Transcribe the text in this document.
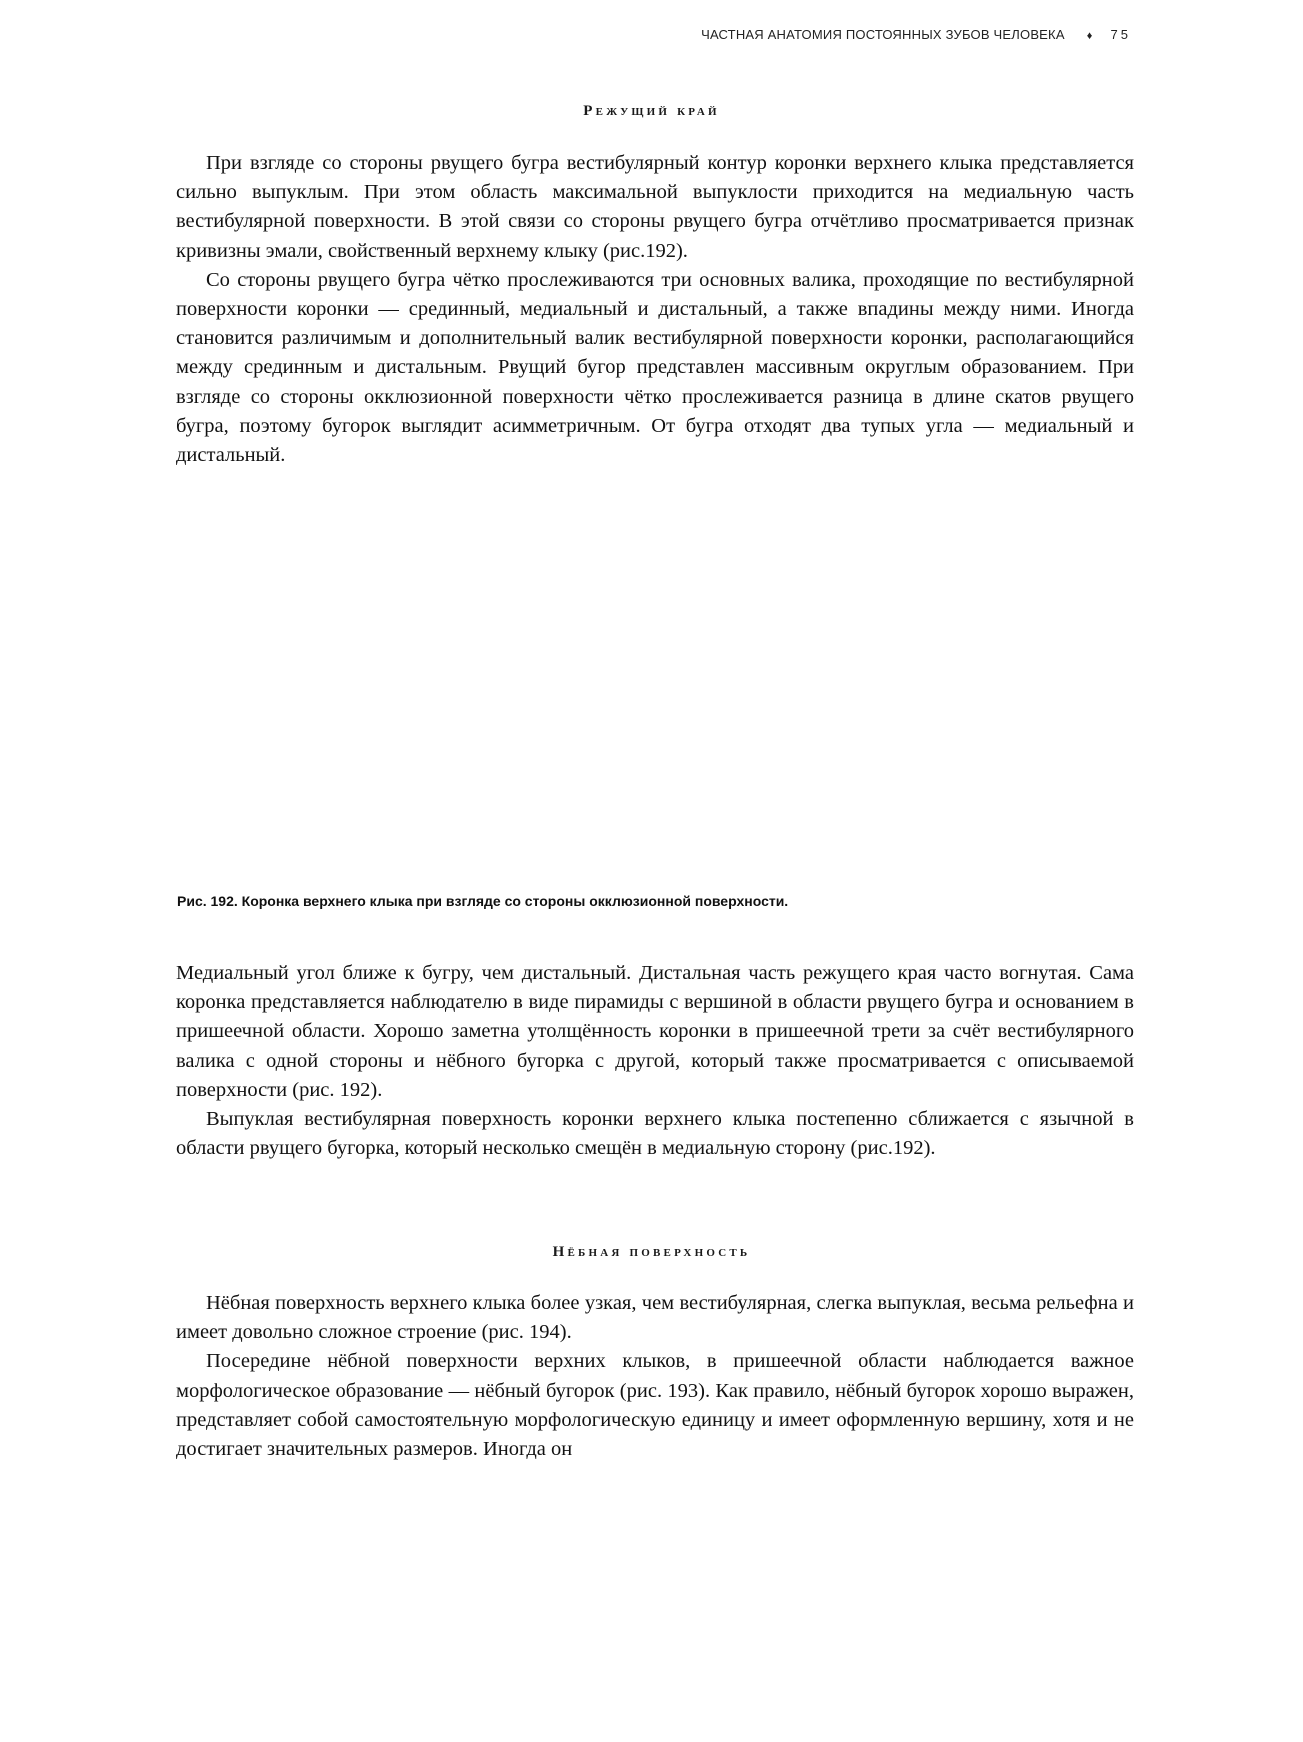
ЧАСТНАЯ АНАТОМИЯ ПОСТОЯННЫХ ЗУБОВ ЧЕЛОВЕКА ♦ 75
Режущий край

При взгляде со стороны рвущего бугра вестибулярный контур коронки верхнего клыка представляется сильно выпуклым. При этом область максимальной выпуклости приходится на медиальную часть вестибулярной поверхности. В этой связи со стороны рвущего бугра отчётливо просматривается признак кривизны эмали, свойственный верхнему клыку (рис.192).

Со стороны рвущего бугра чётко прослеживаются три основных валика, проходящие по вестибулярной поверхности коронки — срединный, медиальный и дистальный, а также впадины между ними. Иногда становится различимым и дополнительный валик вестибулярной поверхности коронки, располагающийся между срединным и дистальным. Рвущий бугор представлен массивным округлым образованием. При взгляде со стороны окклюзионной поверхности чётко прослеживается разница в длине скатов рвущего бугра, поэтому бугорок выглядит асимметричным. От бугра отходят два тупых угла — медиальный и дистальный.

Рис. 192. Коронка верхнего клыка при взгляде со стороны окклюзионной поверхности.

Медиальный угол ближе к бугру, чем дистальный. Дистальная часть режущего края часто вогнутая. Сама коронка представляется наблюдателю в виде пирамиды с вершиной в области рвущего бугра и основанием в пришеечной области. Хорошо заметна утолщённость коронки в пришеечной трети за счёт вестибулярного валика с одной стороны и нёбного бугорка с другой, который также просматривается с описываемой поверхности (рис. 192).

Выпуклая вестибулярная поверхность коронки верхнего клыка постепенно сближается с язычной в области рвущего бугорка, который несколько смещён в медиальную сторону (рис.192).

Нёбная поверхность

Нёбная поверхность верхнего клыка более узкая, чем вестибулярная, слегка выпуклая, весьма рельефна и имеет довольно сложное строение (рис. 194).

Посередине нёбной поверхности верхних клыков, в пришеечной области наблюдается важное морфологическое образование — нёбный бугорок (рис. 193). Как правило, нёбный бугорок хорошо выражен, представляет собой самостоятельную морфологическую единицу и имеет оформленную вершину, хотя и не достигает значительных размеров. Иногда он
